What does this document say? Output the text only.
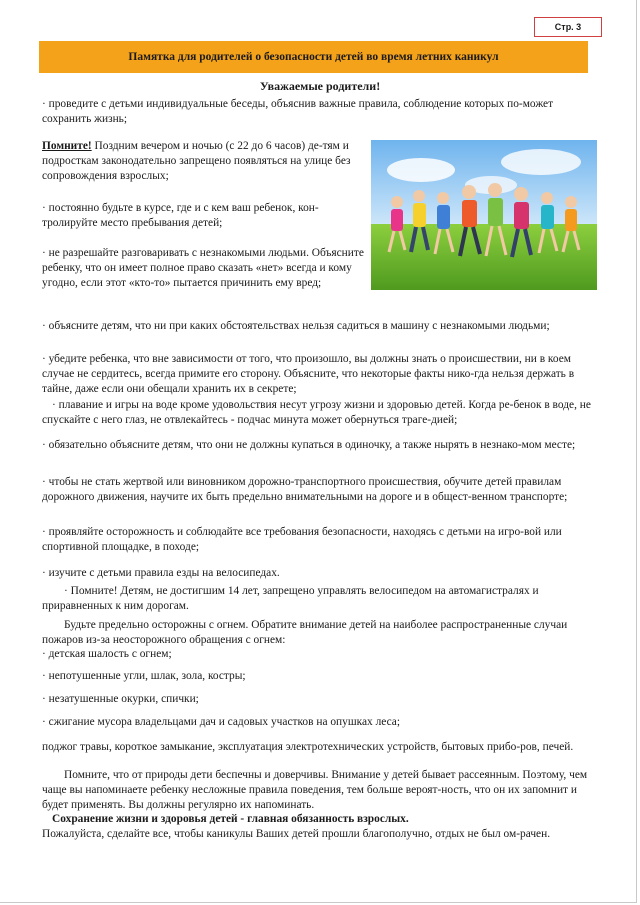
Стр. 3
Памятка для родителей о безопасности детей во время летних каникул
Уважаемые родители!

· проведите с детьми индивидуальные беседы, объяснив важные правила, соблюдение которых по-может сохранить жизнь;

Помните! Поздним вечером и ночью (с 22 до 6 часов) де-тям и подросткам законодательно запрещено появляться на улице без сопровождения взрослых;

· постоянно будьте в курсе, где и с кем ваш ребенок, кон-тролируйте место пребывания детей;

· не разрешайте разговаривать с незнакомыми людьми. Объясните ребенку, что он имеет полное право сказать «нет» всегда и кому угодно, если этот «кто-то» пытается причинить ему вред;

· объясните детям, что ни при каких обстоятельствах нельзя садиться в машину с незнакомыми людьми;

· убедите ребенка, что вне зависимости от того, что произошло, вы должны знать о происшествии, ни в коем случае не сердитесь, всегда примите его сторону. Объясните, что некоторые факты нико-гда нельзя держать в тайне, даже если они обещали хранить их в секрете;

· плавание и игры на воде кроме удовольствия несут угрозу жизни и здоровью детей. Когда ре-бенок в воде, не спускайте с него глаз, не отвлекайтесь - подчас минута может обернуться траге-дией;

· обязательно объясните детям, что они не должны купаться в одиночку, а также нырять в незнако-мом месте;

· чтобы не стать жертвой или виновником дорожно-транспортного происшествия, обучите детей правилам дорожного движения, научите их быть предельно внимательными на дороге и в общест-венном транспорте;

· проявляйте осторожность и соблюдайте все требования безопасности, находясь с детьми на игро-вой или спортивной площадке, в походе;

· изучите с детьми правила езды на велосипедах.

· Помните! Детям, не достигшим 14 лет, запрещено управлять велосипедом на автомагистралях и приравненных к ним дорогам.

Будьте предельно осторожны с огнем. Обратите внимание детей на наиболее распространенные случаи пожаров из-за неосторожного обращения с огнем:

· детская шалость с огнем;

· непотушенные угли, шлак, зола, костры;

· незатушенные окурки, спички;

· сжигание мусора владельцами дач и садовых участков на опушках леса;

поджог травы, короткое замыкание, эксплуатация электротехнических устройств, бытовых прибо-ров, печей.

Помните, что от природы дети беспечны и доверчивы. Внимание у детей бывает рассеянным. Поэтому, чем чаще вы напоминаете ребенку несложные правила поведения, тем больше вероят-ность, что он их запомнит и будет применять. Вы должны регулярно их напоминать.

Сохранение жизни и здоровья детей - главная обязанность взрослых.

Пожалуйста, сделайте все, чтобы каникулы Ваших детей прошли благополучно, отдых не был ом-рачен.
